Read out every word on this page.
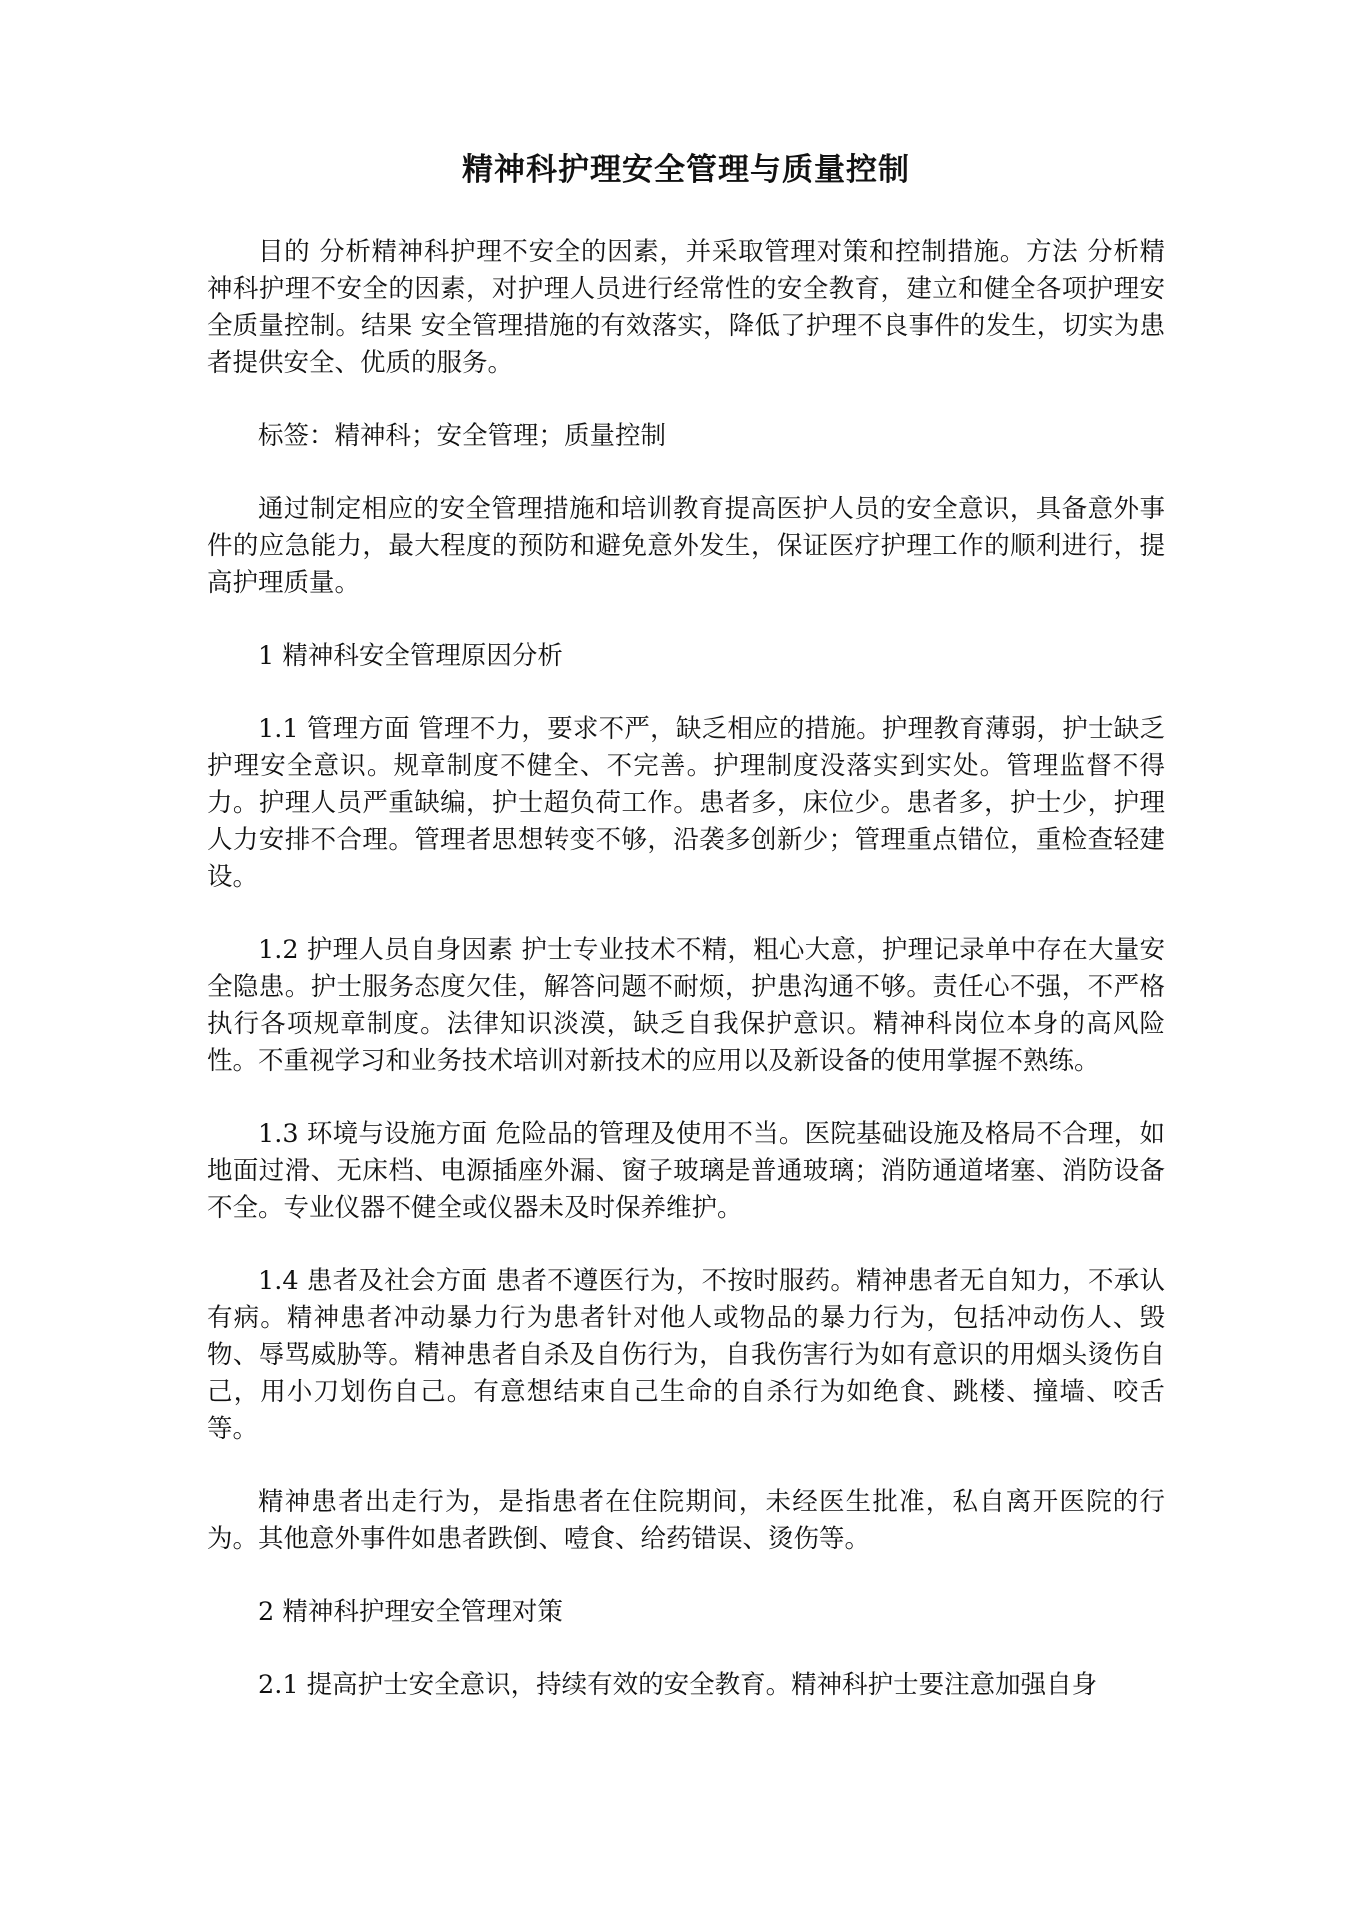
精神科护理安全管理与质量控制

目的 分析精神科护理不安全的因素，并采取管理对策和控制措施。方法 分析精神科护理不安全的因素，对护理人员进行经常性的安全教育，建立和健全各项护理安全质量控制。结果 安全管理措施的有效落实，降低了护理不良事件的发生，切实为患者提供安全、优质的服务。

标签：精神科；安全管理；质量控制

通过制定相应的安全管理措施和培训教育提高医护人员的安全意识，具备意外事件的应急能力，最大程度的预防和避免意外发生，保证医疗护理工作的顺利进行，提高护理质量。

1 精神科安全管理原因分析

1.1 管理方面 管理不力，要求不严，缺乏相应的措施。护理教育薄弱，护士缺乏护理安全意识。规章制度不健全、不完善。护理制度没落实到实处。管理监督不得力。护理人员严重缺编，护士超负荷工作。患者多，床位少。患者多，护士少，护理人力安排不合理。管理者思想转变不够，沿袭多创新少；管理重点错位，重检查轻建设。

1.2 护理人员自身因素 护士专业技术不精，粗心大意，护理记录单中存在大量安全隐患。护士服务态度欠佳，解答问题不耐烦，护患沟通不够。责任心不强，不严格执行各项规章制度。法律知识淡漠，缺乏自我保护意识。精神科岗位本身的高风险性。不重视学习和业务技术培训对新技术的应用以及新设备的使用掌握不熟练。

1.3 环境与设施方面 危险品的管理及使用不当。医院基础设施及格局不合理，如地面过滑、无床档、电源插座外漏、窗子玻璃是普通玻璃；消防通道堵塞、消防设备不全。专业仪器不健全或仪器未及时保养维护。

1.4 患者及社会方面 患者不遵医行为，不按时服药。精神患者无自知力，不承认有病。精神患者冲动暴力行为患者针对他人或物品的暴力行为，包括冲动伤人、毁物、辱骂威胁等。精神患者自杀及自伤行为，自我伤害行为如有意识的用烟头烫伤自己，用小刀划伤自己。有意想结束自己生命的自杀行为如绝食、跳楼、撞墙、咬舌等。

精神患者出走行为，是指患者在住院期间，未经医生批准，私自离开医院的行为。其他意外事件如患者跌倒、噎食、给药错误、烫伤等。

2 精神科护理安全管理对策

2.1 提高护士安全意识，持续有效的安全教育。精神科护士要注意加强自身
